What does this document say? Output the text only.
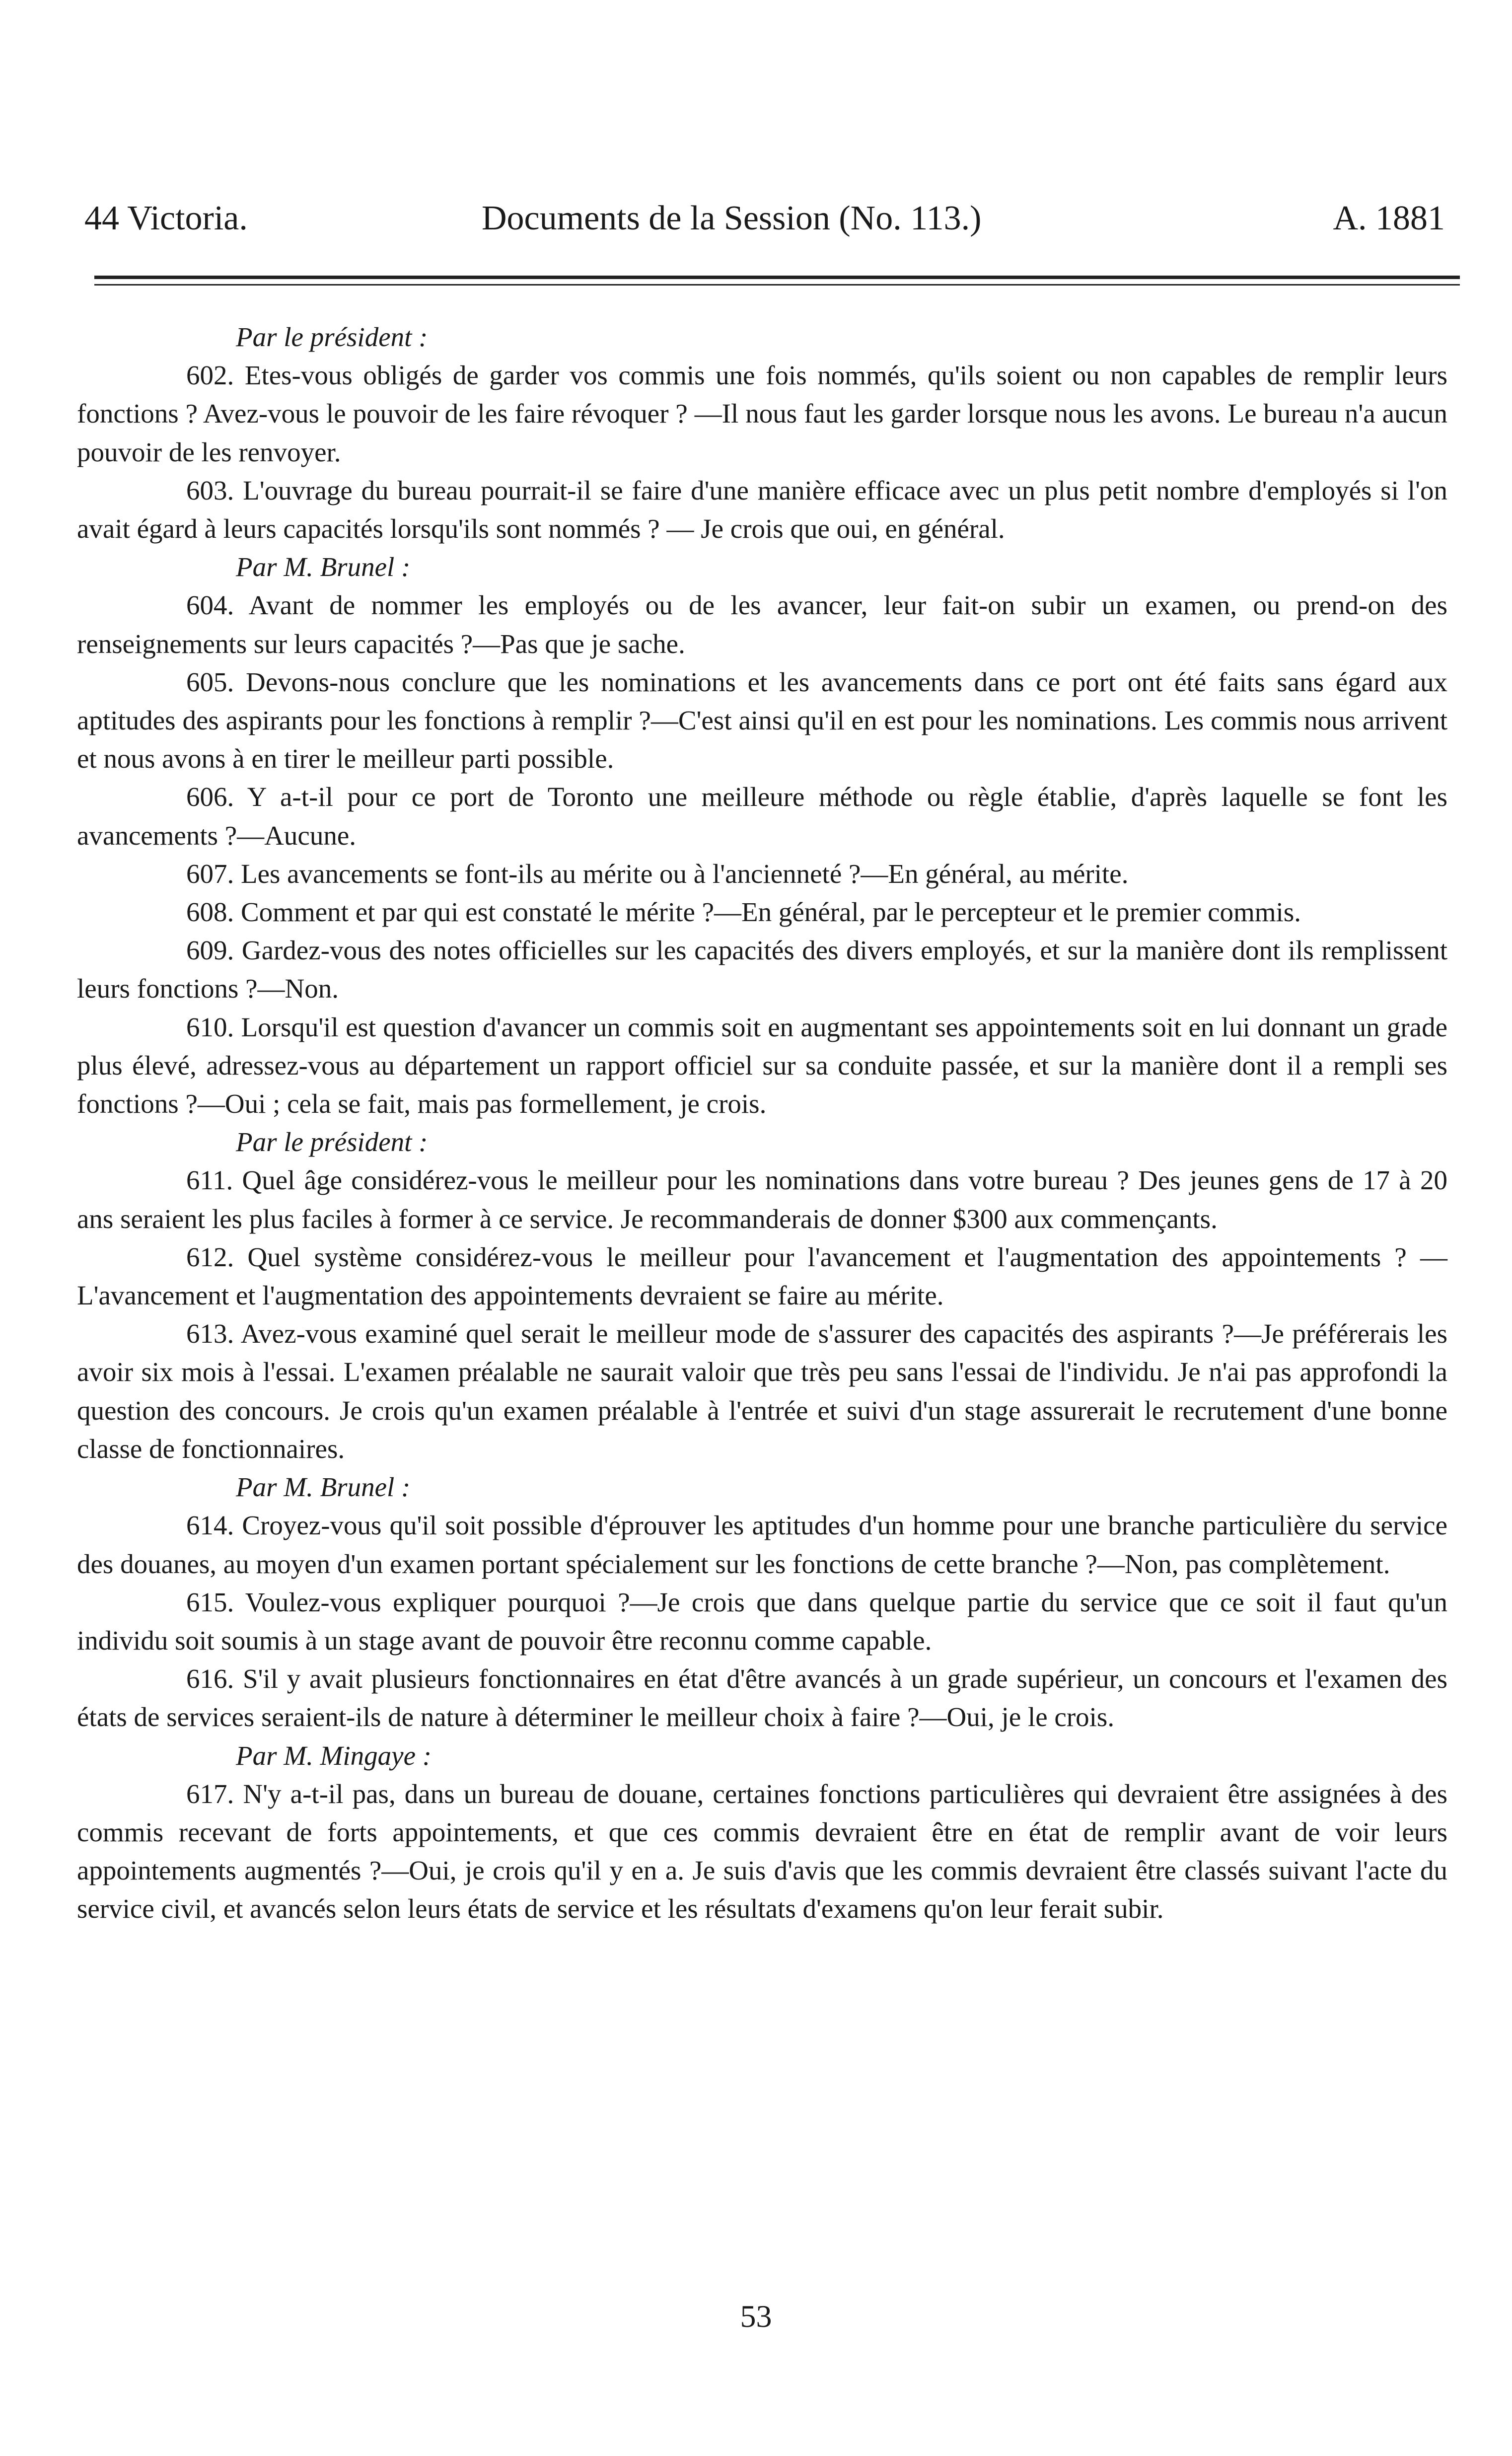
44 Victoria.	Documents de la Session (No. 113.)	A. 1881

Par le président :

602. Etes-vous obligés de garder vos commis une fois nommés, qu'ils soient ou non capables de remplir leurs fonctions ? Avez-vous le pouvoir de les faire révoquer ? —Il nous faut les garder lorsque nous les avons. Le bureau n'a aucun pouvoir de les renvoyer.

603. L'ouvrage du bureau pourrait-il se faire d'une manière efficace avec un plus petit nombre d'employés si l'on avait égard à leurs capacités lorsqu'ils sont nommés ? — Je crois que oui, en général.

Par M. Brunel :

604. Avant de nommer les employés ou de les avancer, leur fait-on subir un examen, ou prend-on des renseignements sur leurs capacités ?—Pas que je sache.

605. Devons-nous conclure que les nominations et les avancements dans ce port ont été faits sans égard aux aptitudes des aspirants pour les fonctions à remplir ?—C'est ainsi qu'il en est pour les nominations. Les commis nous arrivent et nous avons à en tirer le meilleur parti possible.

606. Y a-t-il pour ce port de Toronto une meilleure méthode ou règle établie, d'après laquelle se font les avancements ?—Aucune.

607. Les avancements se font-ils au mérite ou à l'ancienneté ?—En général, au mérite.

608. Comment et par qui est constaté le mérite ?—En général, par le percepteur et le premier commis.

609. Gardez-vous des notes officielles sur les capacités des divers employés, et sur la manière dont ils remplissent leurs fonctions ?—Non.

610. Lorsqu'il est question d'avancer un commis soit en augmentant ses appointements soit en lui donnant un grade plus élevé, adressez-vous au département un rapport officiel sur sa conduite passée, et sur la manière dont il a rempli ses fonctions ?—Oui ; cela se fait, mais pas formellement, je crois.

Par le président :

611. Quel âge considérez-vous le meilleur pour les nominations dans votre bureau ? Des jeunes gens de 17 à 20 ans seraient les plus faciles à former à ce service. Je recommanderais de donner $300 aux commençants.

612. Quel système considérez-vous le meilleur pour l'avancement et l'augmentation des appointements ? — L'avancement et l'augmentation des appointements devraient se faire au mérite.

613. Avez-vous examiné quel serait le meilleur mode de s'assurer des capacités des aspirants ?—Je préférerais les avoir six mois à l'essai. L'examen préalable ne saurait valoir que très peu sans l'essai de l'individu. Je n'ai pas approfondi la question des concours. Je crois qu'un examen préalable à l'entrée et suivi d'un stage assurerait le recrutement d'une bonne classe de fonctionnaires.

Par M. Brunel :

614. Croyez-vous qu'il soit possible d'éprouver les aptitudes d'un homme pour une branche particulière du service des douanes, au moyen d'un examen portant spécialement sur les fonctions de cette branche ?—Non, pas complètement.

615. Voulez-vous expliquer pourquoi ?—Je crois que dans quelque partie du service que ce soit il faut qu'un individu soit soumis à un stage avant de pouvoir être reconnu comme capable.

616. S'il y avait plusieurs fonctionnaires en état d'être avancés à un grade supérieur, un concours et l'examen des états de services seraient-ils de nature à déterminer le meilleur choix à faire ?—Oui, je le crois.

Par M. Mingaye :

617. N'y a-t-il pas, dans un bureau de douane, certaines fonctions particulières qui devraient être assignées à des commis recevant de forts appointements, et que ces commis devraient être en état de remplir avant de voir leurs appointements augmentés ?—Oui, je crois qu'il y en a. Je suis d'avis que les commis devraient être classés suivant l'acte du service civil, et avancés selon leurs états de service et les résultats d'examens qu'on leur ferait subir.

53
